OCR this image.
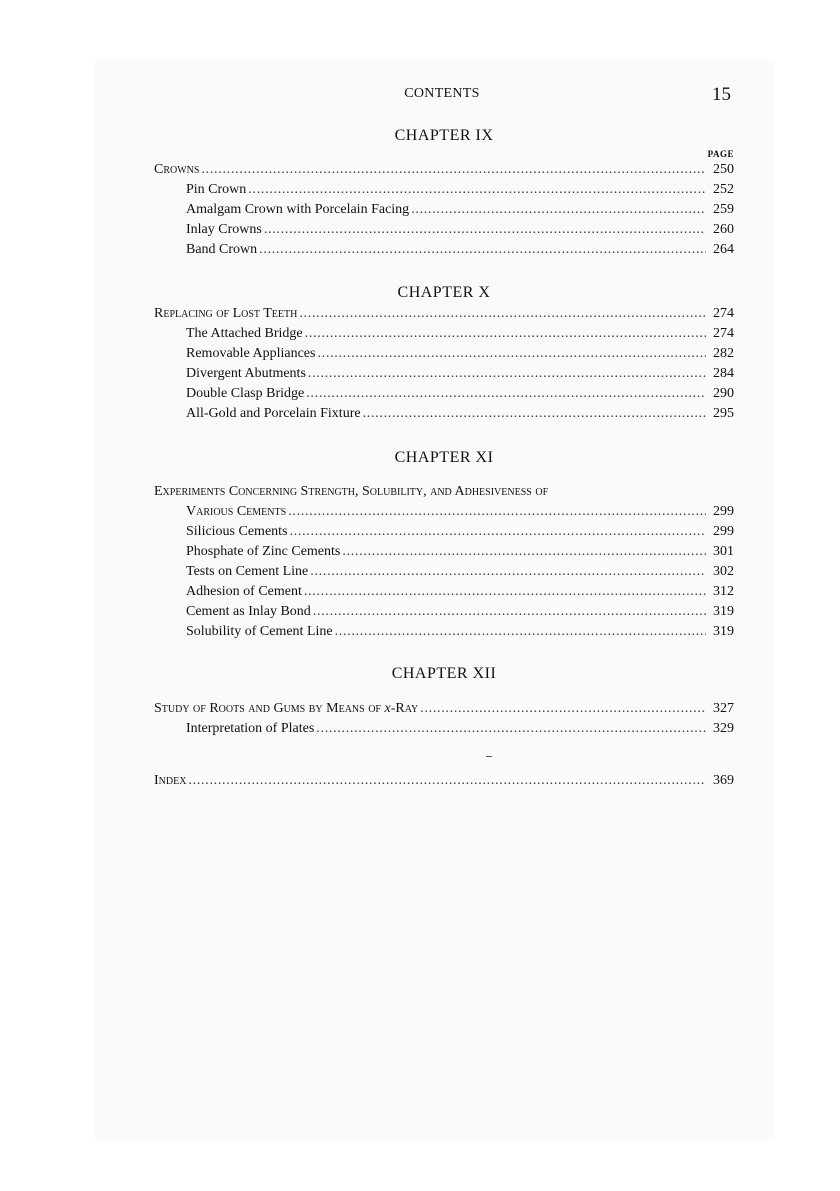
CONTENTS	15
CHAPTER IX
PAGE
Crowns . . .	250
Pin Crown . . .	252
Amalgam Crown with Porcelain Facing . . .	259
Inlay Crowns . . .	260
Band Crown . . .	264
CHAPTER X
Replacing of Lost Teeth . . .	274
The Attached Bridge . . .	274
Removable Appliances . . .	282
Divergent Abutments . . .	284
Double Clasp Bridge . . .	290
All-Gold and Porcelain Fixture . . .	295
CHAPTER XI
Experiments Concerning Strength, Solubility, and Adhesiveness of
Various Cements . . .	299
Silicious Cements . . .	299
Phosphate of Zinc Cements . . .	301
Tests on Cement Line . . .	302
Adhesion of Cement . . .	312
Cement as Inlay Bond . . .	319
Solubility of Cement Line . . .	319
CHAPTER XII
Study of Roots and Gums by Means of x-Ray . . .	327
Interpretation of Plates . . .	329
Index . . .	369
